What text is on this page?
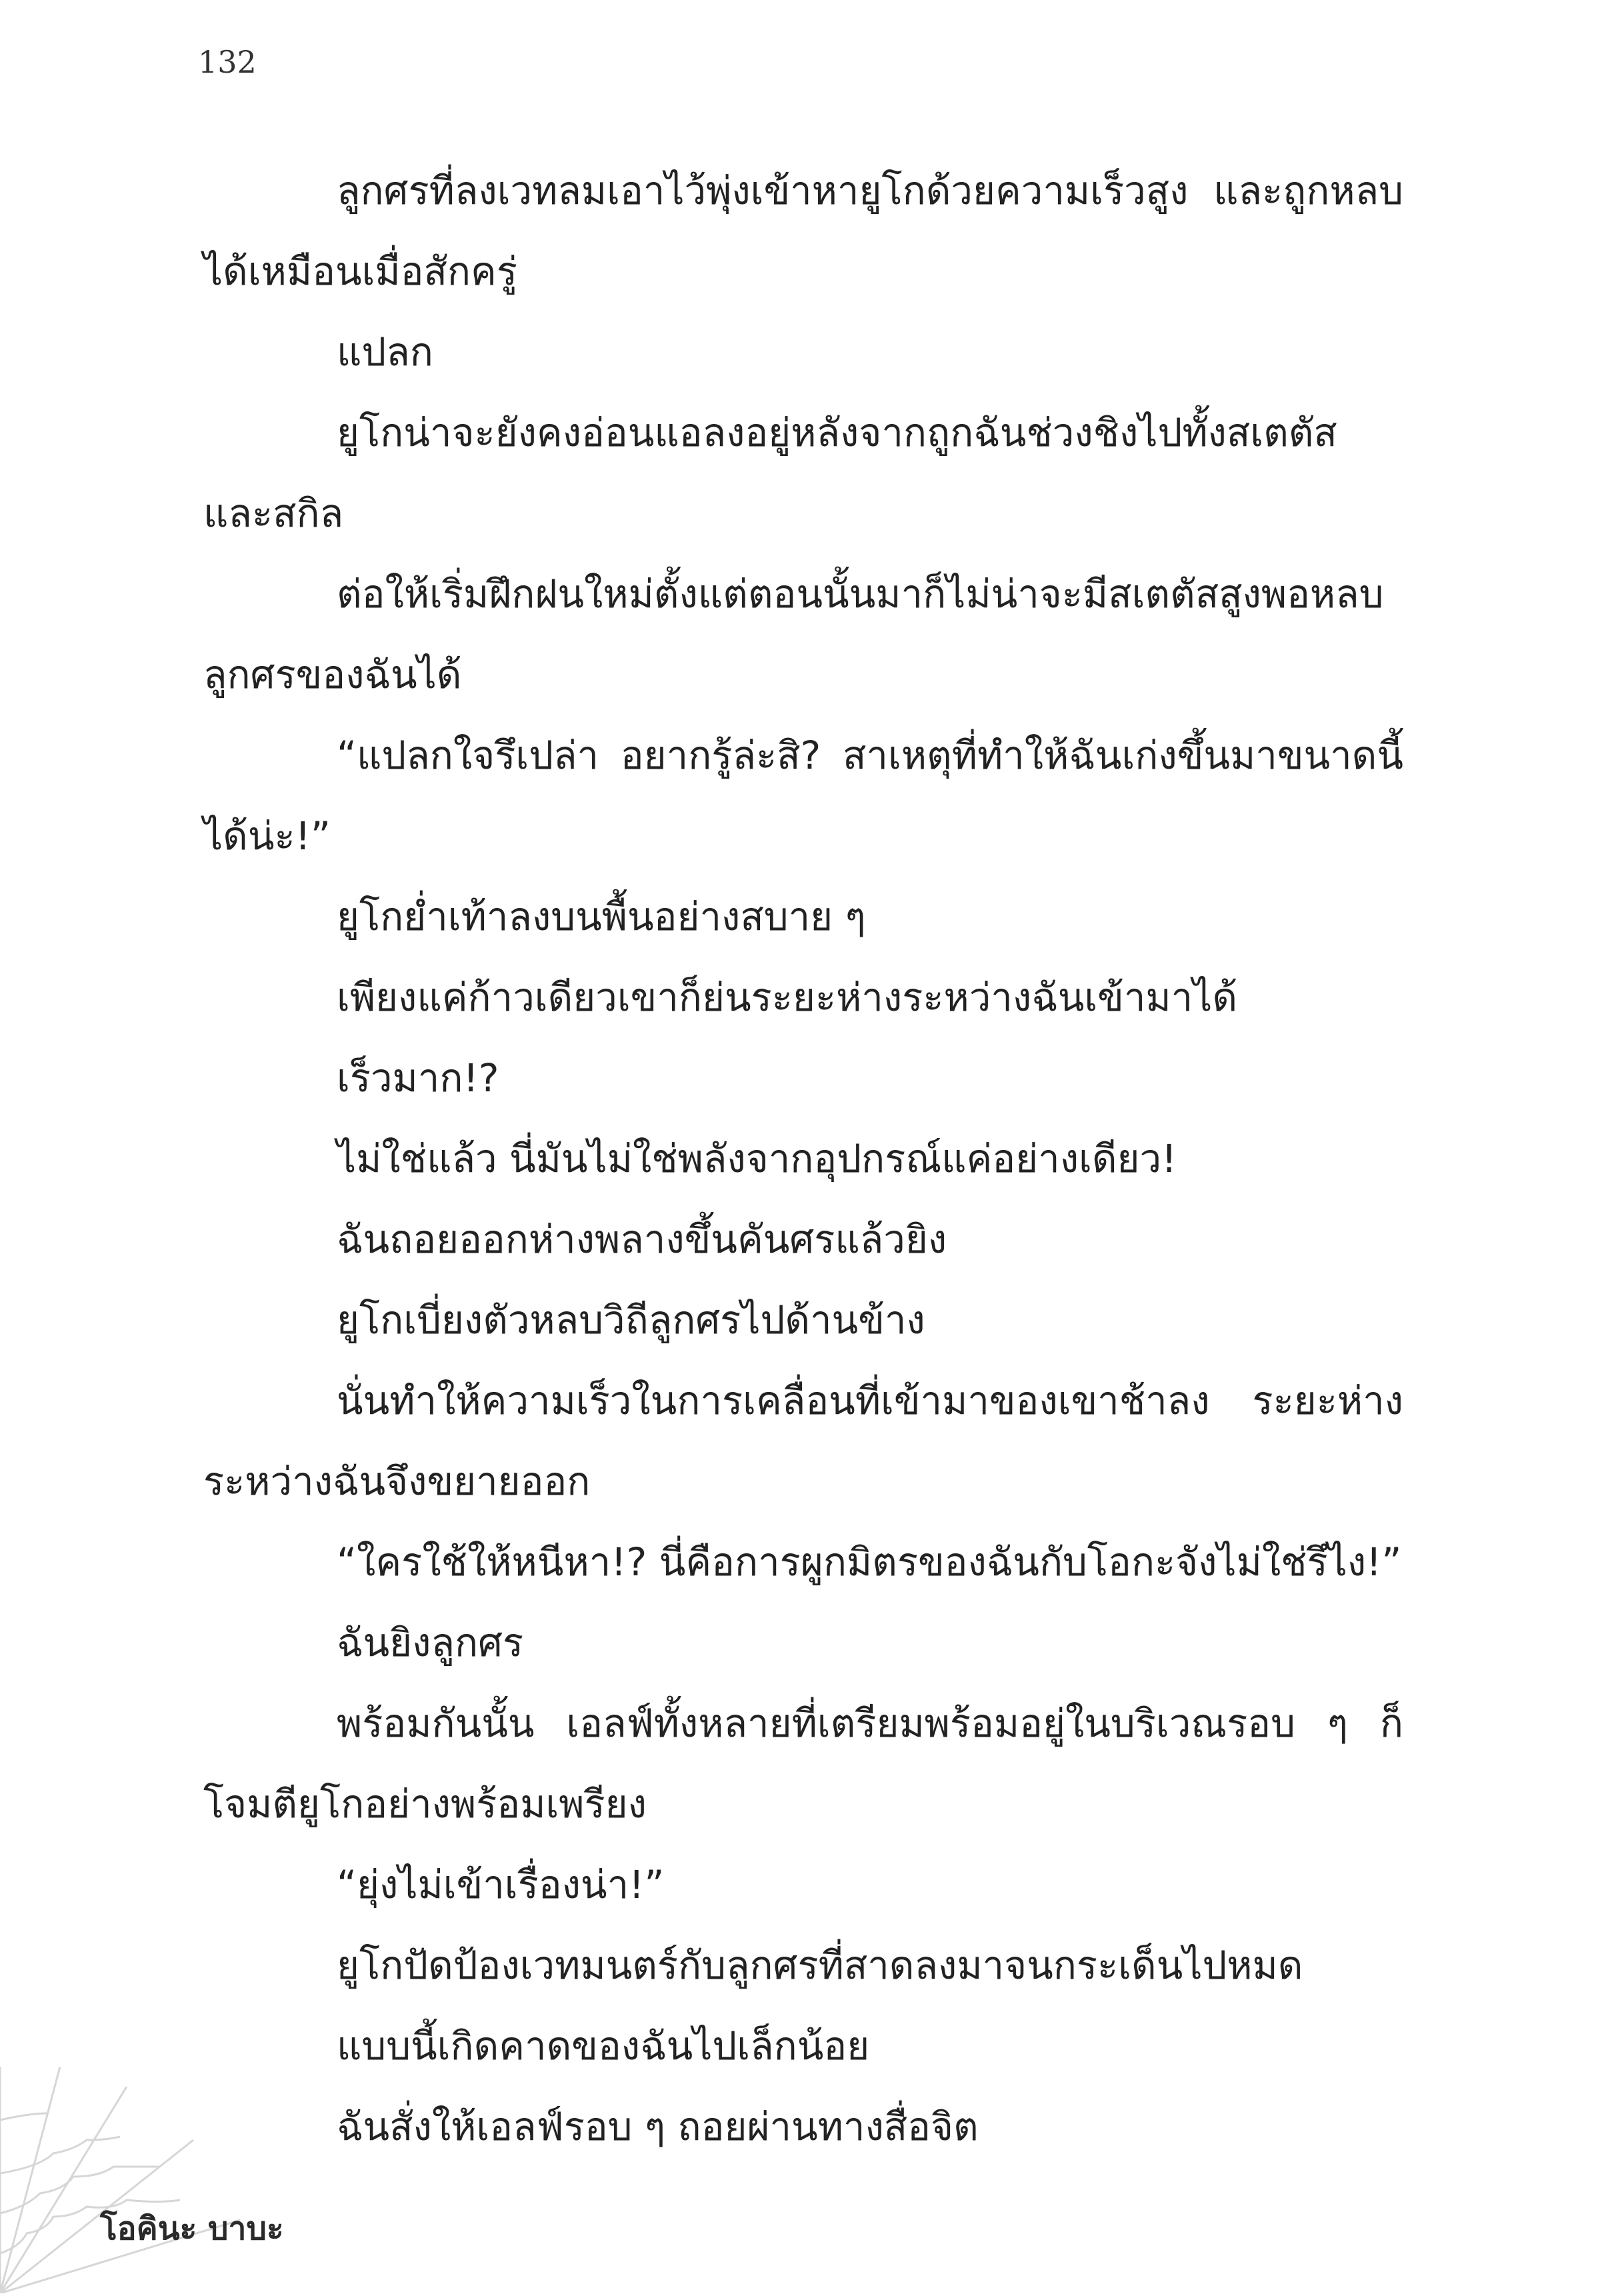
132

ลูกศรที่ลงเวทลมเอาไว้พุ่งเข้าหายูโกด้วยความเร็วสูง และถูกหลบได้เหมือนเมื่อสักครู่

แปลก

ยูโกน่าจะยังคงอ่อนแอลงอยู่หลังจากถูกฉันช่วงชิงไปทั้งสเตตัสและสกิล

ต่อให้เริ่มฝึกฝนใหม่ตั้งแต่ตอนนั้นมาก็ไม่น่าจะมีสเตตัสสูงพอหลบลูกศรของฉันได้

“แปลกใจรึเปล่า อยากรู้ล่ะสิ? สาเหตุที่ทำให้ฉันเก่งขึ้นมาขนาดนี้ได้น่ะ!”

ยูโกย่ำเท้าลงบนพื้นอย่างสบาย ๆ

เพียงแค่ก้าวเดียวเขาก็ย่นระยะห่างระหว่างฉันเข้ามาได้

เร็วมาก!?

ไม่ใช่แล้ว นี่มันไม่ใช่พลังจากอุปกรณ์แค่อย่างเดียว!

ฉันถอยออกห่างพลางขึ้นคันศรแล้วยิง

ยูโกเบี่ยงตัวหลบวิถีลูกศรไปด้านข้าง

นั่นทำให้ความเร็วในการเคลื่อนที่เข้ามาของเขาช้าลง ระยะห่างระหว่างฉันจึงขยายออก

“ใครใช้ให้หนีหา!? นี่คือการผูกมิตรของฉันกับโอกะจังไม่ใช่รึไง!”

ฉันยิงลูกศร

พร้อมกันนั้น เอลฟ์ทั้งหลายที่เตรียมพร้อมอยู่ในบริเวณรอบ ๆ ก็โจมตียูโกอย่างพร้อมเพรียง

“ยุ่งไม่เข้าเรื่องน่า!”

ยูโกปัดป้องเวทมนตร์กับลูกศรที่สาดลงมาจนกระเด็นไปหมด

แบบนี้เกิดคาดของฉันไปเล็กน้อย

ฉันสั่งให้เอลฟ์รอบ ๆ ถอยผ่านทางสื่อจิต

โอคินะ บาบะ
